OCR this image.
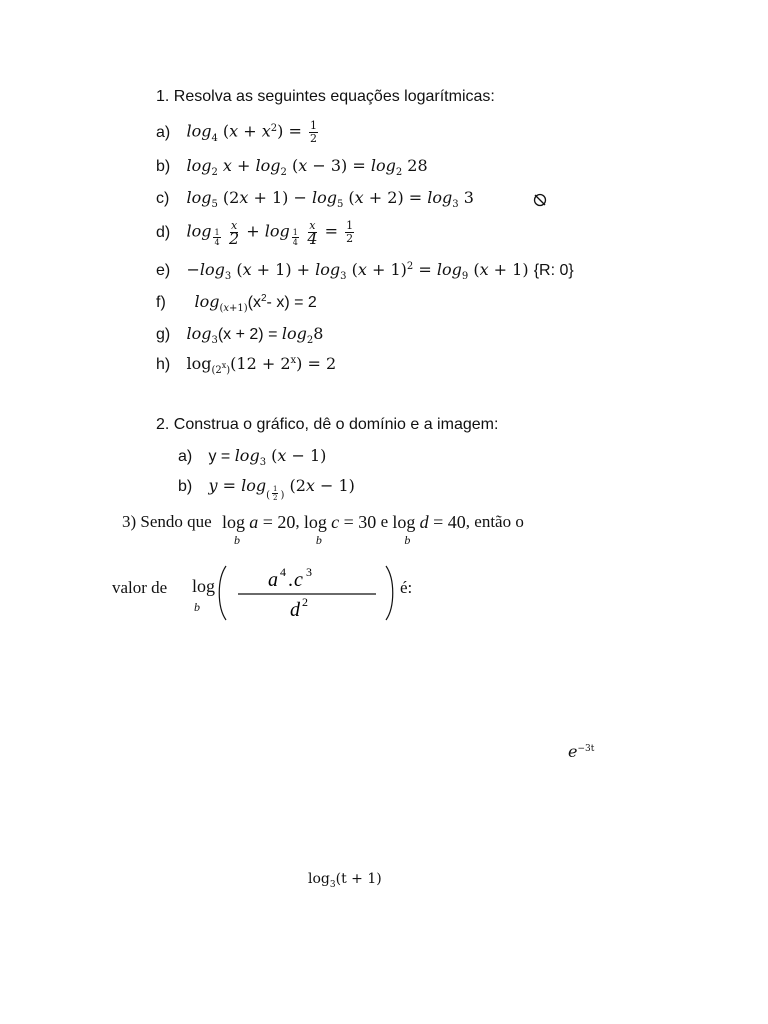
1. Resolva as seguintes equações logarítmicas:
a) $\log_4 (x + x^2) = \frac{1}{2}$
b) $\log_2 x + \log_2 (x - 3) = \log_2 28$
c) $\log_5 (2x + 1) - \log_5 (x + 2) = \log_3 3$
d) $\log \frac{1}{4}$
$\frac{x}{2} + \log \frac{1}{4}$
$\frac{x}{4} = \frac{1}{2}$
$e) -\log_3$ $(x + 1) + \log_3 (x + 1)^2 = \log_9 (x + 1)$ {R: 0}
f) $\log_{(x+1)}(x^2-$ x) = 2
g) $\log_3(x + 2) = \log_28$
h) $\log_{(2}x_)(12 + 2^x) = 2$
2. Construa o gráfico, dê o domínio e a imagem:
a) $y = \log_3 (x - 1)$
b) $y = \log_( \frac{1}{2} _)$ (2x − 1)
3) Sendo que log a = 20
b
, log c = 30
b
e log d = 40
b
, então o
valor de log
b
a 4 . c 3
d 2
é:
$e^{-3t}$
$\log_3(t + 1)$
